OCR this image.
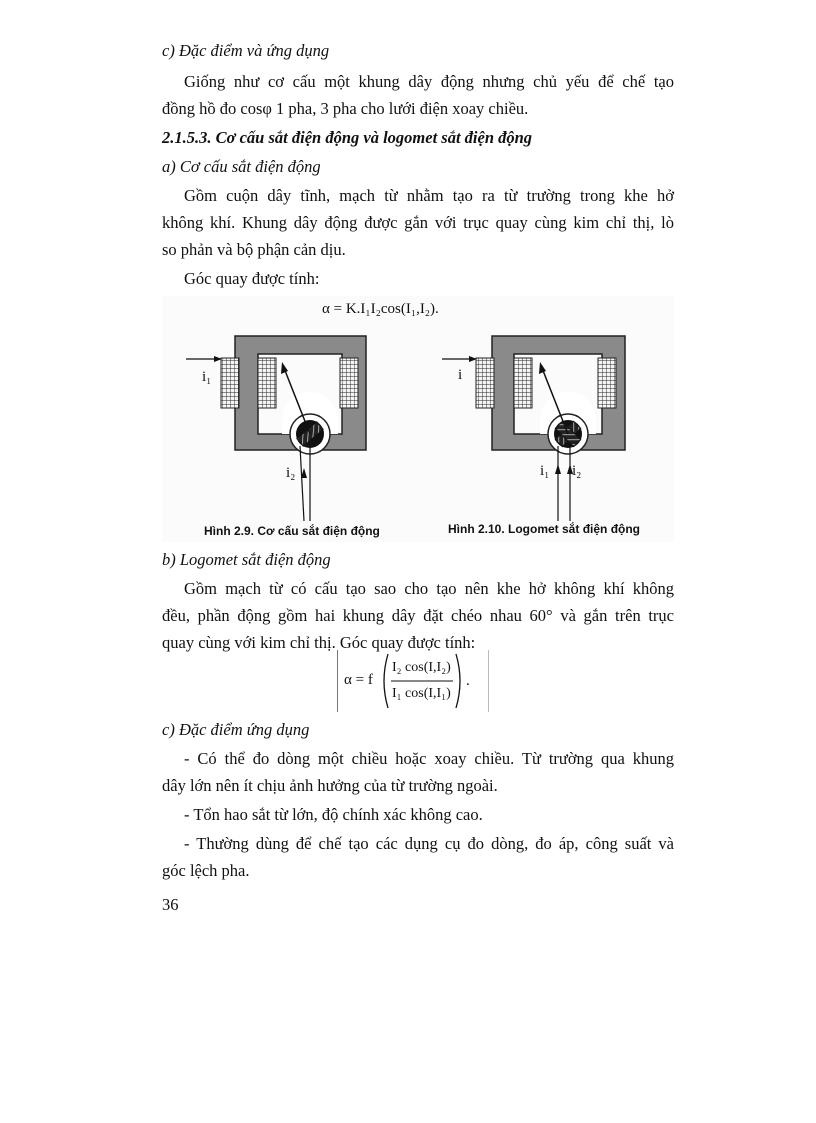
c) Đặc điểm và ứng dụng
Giống như cơ cấu một khung dây động nhưng chủ yếu để chế tạo
đồng hồ đo cosφ 1 pha, 3 pha cho lưới điện xoay chiều.
2.1.5.3. Cơ cấu sắt điện động và logomet sắt điện động
a) Cơ cấu sắt điện động
Gồm cuộn dây tĩnh, mạch từ nhằm tạo ra từ trường trong khe hở
không khí. Khung dây động được gắn với trục quay cùng kim chỉ thị, lò
so phản và bộ phận cản dịu.
Góc quay được tính:
α = K.I₁I₂cos(I₁,I₂).
i₁
i₂
i
i₁ i₂
Hình 2.9. Cơ cấu sắt điện động	Hình 2.10. Logomet sắt điện động
b) Logomet sắt điện động
Gồm mạch từ có cấu tạo sao cho tạo nên khe hở không khí không
đều, phần động gồm hai khung dây đặt chéo nhau 60° và gắn trên trục
quay cùng với kim chỉ thị. Góc quay được tính:
α = f
I₂ cos(I,I₂)
I₁ cos(I,I₁)
.
c) Đặc điểm ứng dụng
- Có thể đo dòng một chiều hoặc xoay chiều. Từ trường qua khung
dây lớn nên ít chịu ảnh hưởng của từ trường ngoài.
- Tổn hao sắt từ lớn, độ chính xác không cao.
- Thường dùng để chế tạo các dụng cụ đo dòng, đo áp, công suất và
góc lệch pha.
36
